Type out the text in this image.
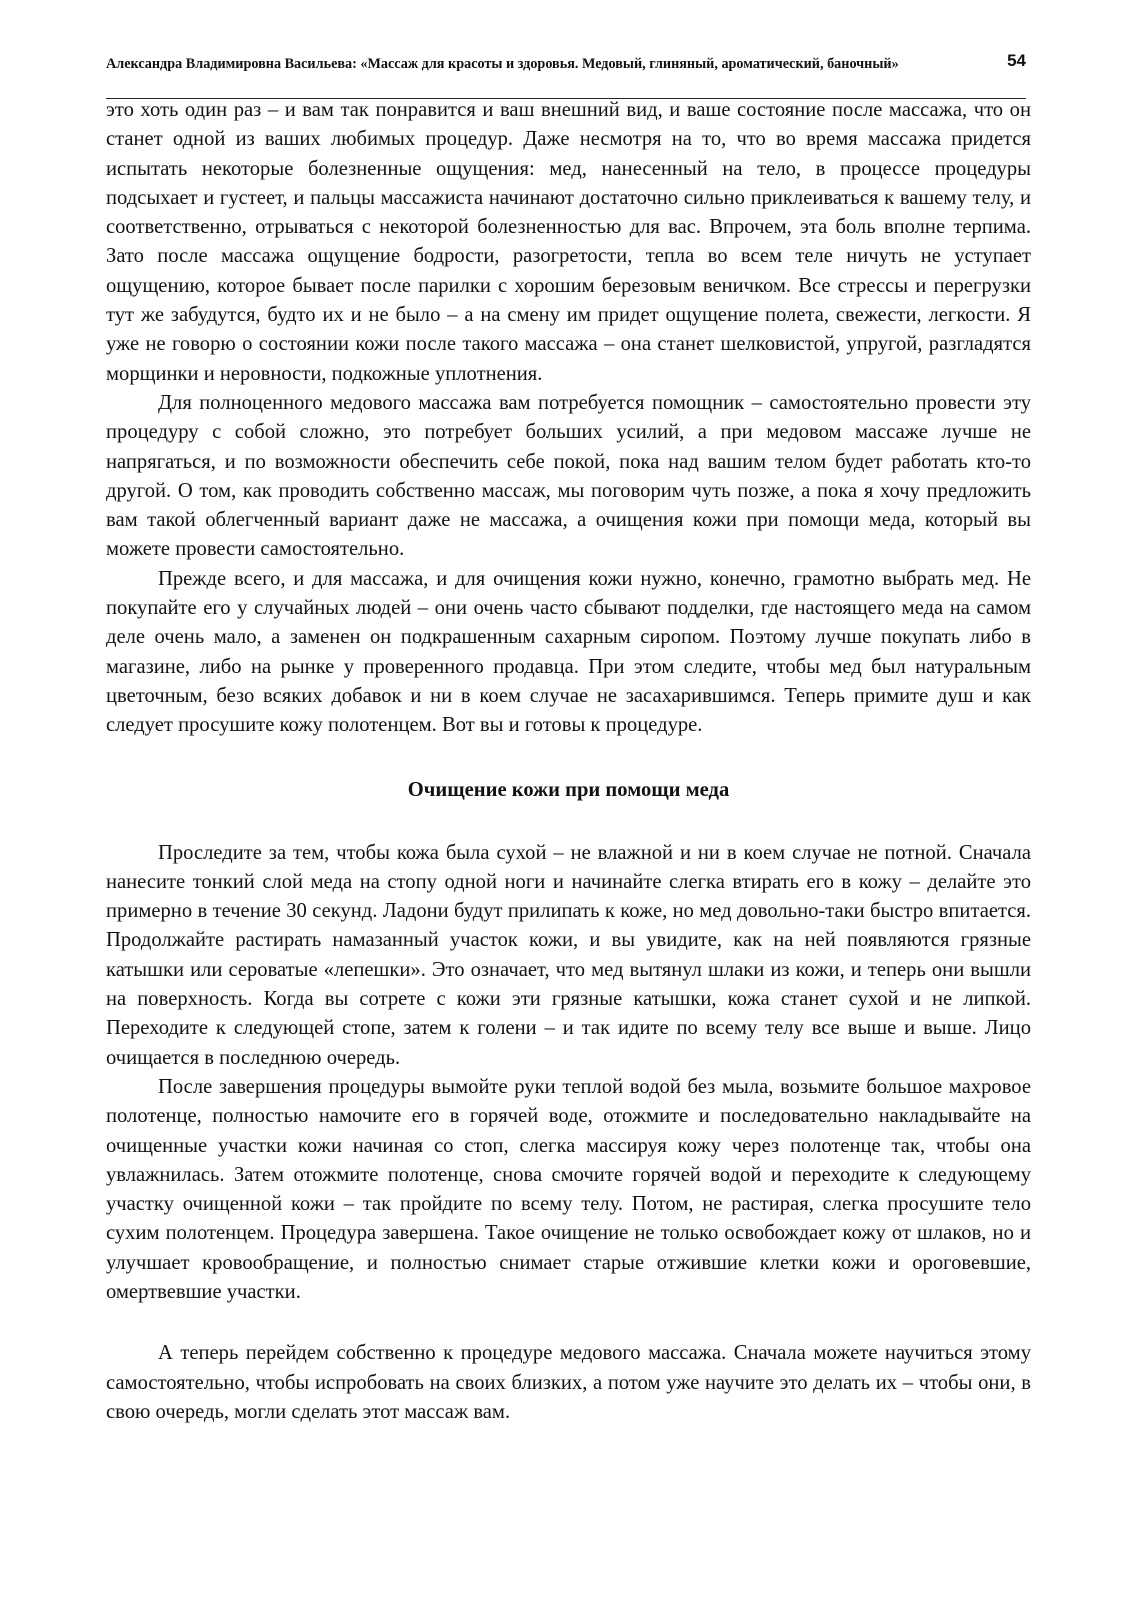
Александра Владимировна Васильева: «Массаж для красоты и здоровья. Медовый, глиняный, ароматический, баночный»	54

это хоть один раз – и вам так понравится и ваш внешний вид, и ваше состояние после массажа, что он станет одной из ваших любимых процедур. Даже несмотря на то, что во время массажа придется испытать некоторые болезненные ощущения: мед, нанесенный на тело, в процессе процедуры подсыхает и густеет, и пальцы массажиста начинают достаточно сильно приклеиваться к вашему телу, и соответственно, отрываться с некоторой болезненностью для вас. Впрочем, эта боль вполне терпима. Зато после массажа ощущение бодрости, разогретости, тепла во всем теле ничуть не уступает ощущению, которое бывает после парилки с хорошим березовым веничком. Все стрессы и перегрузки тут же забудутся, будто их и не было – а на смену им придет ощущение полета, свежести, легкости. Я уже не говорю о состоянии кожи после такого массажа – она станет шелковистой, упругой, разгладятся морщинки и неровности, подкожные уплотнения.

Для полноценного медового массажа вам потребуется помощник – самостоятельно провести эту процедуру с собой сложно, это потребует больших усилий, а при медовом массаже лучше не напрягаться, и по возможности обеспечить себе покой, пока над вашим телом будет работать кто-то другой. О том, как проводить собственно массаж, мы поговорим чуть позже, а пока я хочу предложить вам такой облегченный вариант даже не массажа, а очищения кожи при помощи меда, который вы можете провести самостоятельно.

Прежде всего, и для массажа, и для очищения кожи нужно, конечно, грамотно выбрать мед. Не покупайте его у случайных людей – они очень часто сбывают подделки, где настоящего меда на самом деле очень мало, а заменен он подкрашенным сахарным сиропом. Поэтому лучше покупать либо в магазине, либо на рынке у проверенного продавца. При этом следите, чтобы мед был натуральным цветочным, безо всяких добавок и ни в коем случае не засахарившимся. Теперь примите душ и как следует просушите кожу полотенцем. Вот вы и готовы к процедуре.

Очищение кожи при помощи меда

Проследите за тем, чтобы кожа была сухой – не влажной и ни в коем случае не потной. Сначала нанесите тонкий слой меда на стопу одной ноги и начинайте слегка втирать его в кожу – делайте это примерно в течение 30 секунд. Ладони будут прилипать к коже, но мед довольно-таки быстро впитается. Продолжайте растирать намазанный участок кожи, и вы увидите, как на ней появляются грязные катышки или сероватые «лепешки». Это означает, что мед вытянул шлаки из кожи, и теперь они вышли на поверхность. Когда вы сотрете с кожи эти грязные катышки, кожа станет сухой и не липкой. Переходите к следующей стопе, затем к голени – и так идите по всему телу все выше и выше. Лицо очищается в последнюю очередь.

После завершения процедуры вымойте руки теплой водой без мыла, возьмите большое махровое полотенце, полностью намочите его в горячей воде, отожмите и последовательно накладывайте на очищенные участки кожи начиная со стоп, слегка массируя кожу через полотенце так, чтобы она увлажнилась. Затем отожмите полотенце, снова смочите горячей водой и переходите к следующему участку очищенной кожи – так пройдите по всему телу. Потом, не растирая, слегка просушите тело сухим полотенцем. Процедура завершена. Такое очищение не только освобождает кожу от шлаков, но и улучшает кровообращение, и полностью снимает старые отжившие клетки кожи и ороговевшие, омертвевшие участки.

А теперь перейдем собственно к процедуре медового массажа. Сначала можете научиться этому самостоятельно, чтобы испробовать на своих близких, а потом уже научите это делать их – чтобы они, в свою очередь, могли сделать этот массаж вам.
